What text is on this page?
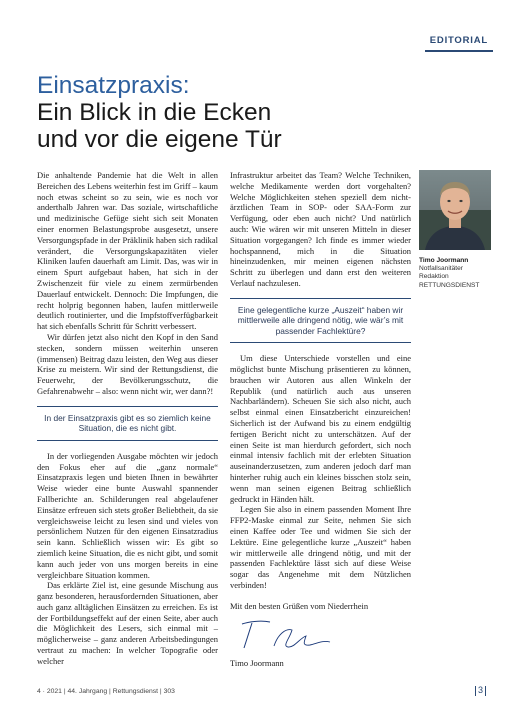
EDITORIAL
Einsatzpraxis:
Ein Blick in die Ecken
und vor die eigene Tür

Die anhaltende Pandemie hat die Welt in allen Bereichen des Lebens weiterhin fest im Griff – kaum noch etwas scheint so zu sein, wie es noch vor anderthalb Jahren war. Das soziale, wirtschaftliche und medizinische Gefüge sieht sich seit Monaten einer enormen Belastungsprobe ausgesetzt, unsere Versorgungspfade in der Präklinik haben sich radikal verändert, die Versorgungskapazitäten vieler Kliniken laufen dauerhaft am Limit. Das, was wir in einem Spurt aufgebaut haben, hat sich in der Zwischenzeit für viele zu einem zermürbenden Dauerlauf entwickelt. Dennoch: Die Impfungen, die recht holprig begonnen haben, laufen mittlerweile deutlich routinierter, und die Impfstoffverfügbarkeit hat sich ebenfalls Schritt für Schritt verbessert.

Wir dürfen jetzt also nicht den Kopf in den Sand stecken, sondern müssen weiterhin unseren (immensen) Beitrag dazu leisten, den Weg aus dieser Krise zu meistern. Wir sind der Rettungsdienst, die Feuerwehr, der Bevölkerungsschutz, die Gefahrenabwehr – also: wenn nicht wir, wer dann?!

In der Einsatzpraxis gibt es so ziemlich keine Situation, die es nicht gibt.

In der vorliegenden Ausgabe möchten wir jedoch den Fokus eher auf die „ganz normale“ Einsatzpraxis legen und bieten Ihnen in bewährter Weise wieder eine bunte Auswahl spannender Fallberichte an. Schilderungen real abgelaufener Einsätze erfreuen sich stets großer Beliebtheit, da sie vergleichsweise leicht zu lesen sind und vieles von persönlichem Nutzen für den eigenen Einsatzradius sein kann. Schließlich wissen wir: Es gibt so ziemlich keine Situation, die es nicht gibt, und somit kann auch jeder von uns morgen bereits in eine vergleichbare Situation kommen.

Das erklärte Ziel ist, eine gesunde Mischung aus ganz besonderen, herausfordernden Situationen, aber auch ganz alltäglichen Einsätzen zu erreichen. Es ist der Fortbildungseffekt auf der einen Seite, aber auch die Möglichkeit des Lesers, sich einmal mit – möglicherweise – ganz anderen Arbeitsbedingungen vertraut zu machen: In welcher Topografie oder welcher

Infrastruktur arbeitet das Team? Welche Techniken, welche Medikamente werden dort vorgehalten? Welche Möglichkeiten stehen speziell dem nicht-ärztlichen Team in SOP- oder SAA-Form zur Verfügung, oder eben auch nicht? Und natürlich auch: Wie wären wir mit unseren Mitteln in dieser Situation vorgegangen? Ich finde es immer wieder hochspannend, mich in die Situation hineinzudenken, mir meinen eigenen nächsten Schritt zu überlegen und dann erst den weiteren Verlauf nachzulesen.

Eine gelegentliche kurze „Auszeit“ haben wir mittlerweile alle dringend nötig, wie wär’s mit passender Fachlektüre?

Um diese Unterschiede vorstellen und eine möglichst bunte Mischung präsentieren zu können, brauchen wir Autoren aus allen Winkeln der Republik (und natürlich auch aus unseren Nachbarländern). Scheuen Sie sich also nicht, auch selbst einmal einen Einsatzbericht einzureichen! Sicherlich ist der Aufwand bis zu einem endgültig fertigen Bericht nicht zu unterschätzen. Auf der einen Seite ist man hierdurch gefordert, sich noch einmal intensiv fachlich mit der erlebten Situation auseinanderzusetzen, zum anderen jedoch darf man hinterher ruhig auch ein kleines bisschen stolz sein, wenn man seinen eigenen Beitrag schließlich gedruckt in Händen hält.

Legen Sie also in einem passenden Moment Ihre FFP2-Maske einmal zur Seite, nehmen Sie sich einen Kaffee oder Tee und widmen Sie sich der Lektüre. Eine gelegentliche kurze „Auszeit“ haben wir mittlerweile alle dringend nötig, und mit der passenden Fachlektüre lässt sich auf diese Weise sogar das Angenehme mit dem Nützlichen verbinden!

Mit den besten Grüßen vom Niederrhein

Timo Joormann

Timo Joormann
Notfallsanitäter
Redaktion
RETTUNGSDIENST
4 · 2021 | 44. Jahrgang | Rettungsdienst | 303	3
